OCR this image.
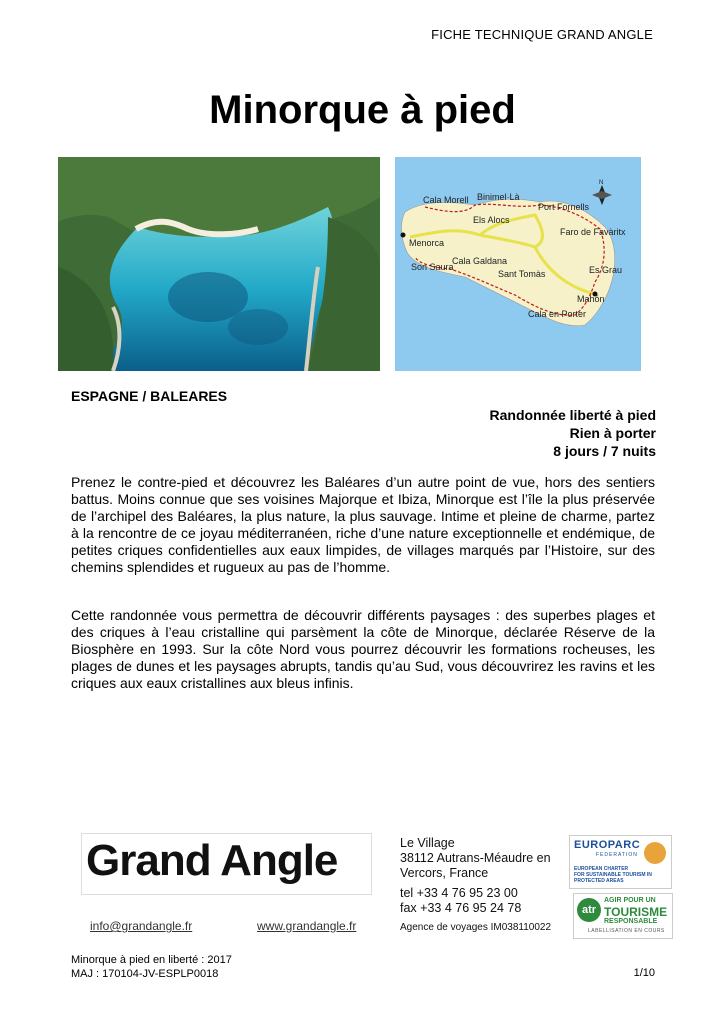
FICHE TECHNIQUE GRAND ANGLE
Minorque à pied
Cala Morell Binimel·Là
Port Fornells
Els Alocs
Faro de Favàritx
Menorca
Cala Galdana
Son Saura
Sant Tomàs	Es Grau
Mahón
Cala en Porter
N
ESPAGNE / BALEARES
Randonnée liberté à pied
Rien à porter
8 jours / 7 nuits
Prenez le contre-pied et découvrez les Baléares d’un autre point de vue, hors des sentiers battus. Moins connue que ses voisines Majorque et Ibiza, Minorque est l’île la plus préservée de l’archipel des Baléares, la plus nature, la plus sauvage. Intime et pleine de charme, partez à la rencontre de ce joyau méditerranéen, riche d’une nature exceptionnelle et endémique, de petites criques confidentielles aux eaux limpides, de villages marqués par l’Histoire, sur des chemins splendides et rugueux au pas de l’homme.
Cette randonnée vous permettra de découvrir différents paysages : des superbes plages et des criques à l’eau cristalline qui parsèment la côte de Minorque, déclarée Réserve de la Biosphère en 1993. Sur la côte Nord vous pourrez découvrir les formations rocheuses, les plages de dunes et les paysages abrupts, tandis qu’au Sud, vous découvrirez les ravins et les criques aux eaux cristallines aux bleus infinis.
Grand Angle
info@grandangle.fr	www.grandangle.fr
Le Village
38112 Autrans-Méaudre en
Vercors, France
tel +33 4 76 95 23 00
fax +33 4 76 95 24 78
Agence de voyages IM038110022
EUROPARC
FEDERATION
EUROPEAN CHARTER
FOR SUSTAINABLE TOURISM IN
PROTECTED AREAS
atr
AGIR POUR UN
TOURISME
RESPONSABLE
LABELLISATION EN COURS
Minorque à pied en liberté : 2017
MAJ : 170104-JV-ESPLP0018	1/10
